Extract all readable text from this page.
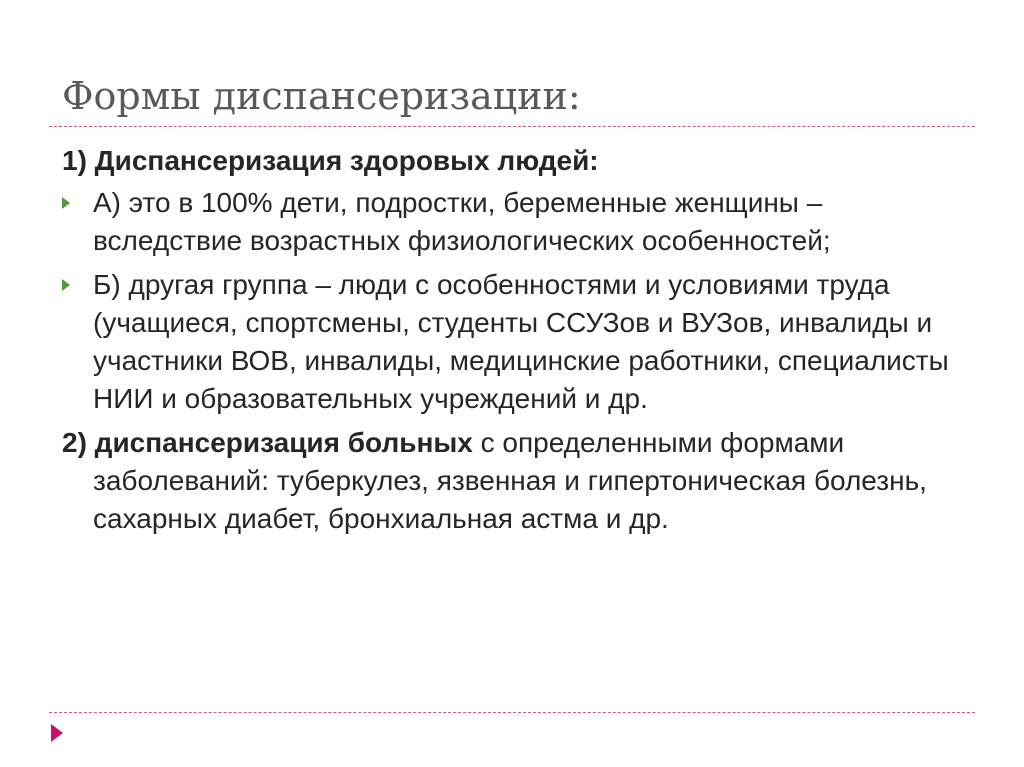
Формы диспансеризации:

1) Диспансеризация здоровых людей:

А) это в 100% дети, подростки, беременные женщины – вследствие возрастных физиологических особенностей;
Б) другая группа – люди с особенностями и условиями труда (учащиеся, спортсмены, студенты ССУЗов и ВУЗов, инвалиды и участники ВОВ, инвалиды, медицинские работники, специалисты НИИ и образовательных учреждений и др.

2) диспансеризация больных с определенными формами заболеваний: туберкулез, язвенная и гипертоническая болезнь, сахарных диабет, бронхиальная астма и др.
